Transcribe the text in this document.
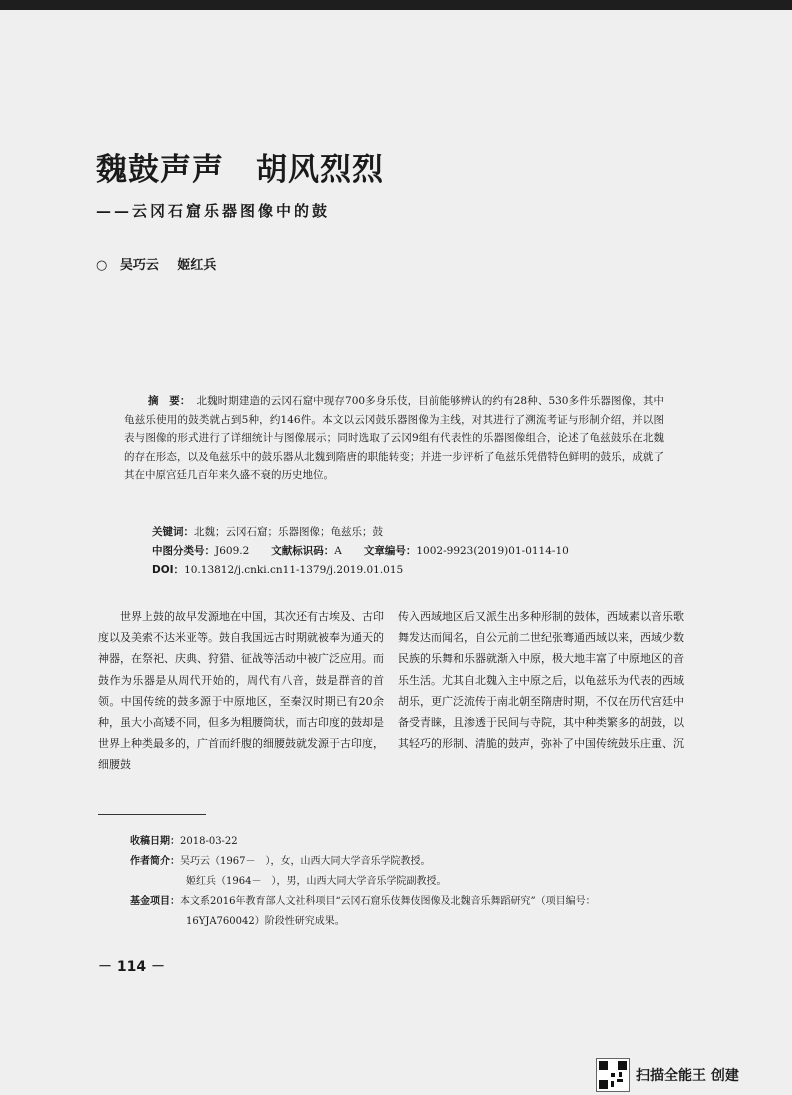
魏鼓声声　胡风烈烈
——云冈石窟乐器图像中的鼓
○ 吴巧云 姬红兵
摘　要： 北魏时期建造的云冈石窟中现存700多身乐伎，目前能够辨认的约有28种、530多件乐器图像，其中龟兹乐使用的鼓类就占到5种，约146件。本文以云冈鼓乐器图像为主线，对其进行了溯流考证与形制介绍，并以图表与图像的形式进行了详细统计与图像展示；同时选取了云冈9组有代表性的乐器图像组合，论述了龟兹鼓乐在北魏的存在形态，以及龟兹乐中的鼓乐器从北魏到隋唐的职能转变；并进一步评析了龟兹乐凭借特色鲜明的鼓乐，成就了其在中原宫廷几百年来久盛不衰的历史地位。
关键词：北魏；云冈石窟；乐器图像；龟兹乐；鼓
中图分类号：J609.2 文献标识码：A 文章编号：1002-9923(2019)01-0114-10
DOI：10.13812/j.cnki.cn11-1379/j.2019.01.015
世界上鼓的故早发源地在中国，其次还有古埃及、古印度以及美索不达米亚等。鼓自我国远古时期就被奉为通天的神器，在祭祀、庆典、狩猎、征战等活动中被广泛应用。而鼓作为乐器是从周代开始的，周代有八音，鼓是群音的首领。中国传统的鼓多源于中原地区，至秦汉时期已有20余种，虽大小高矮不同，但多为粗腰筒状，而古印度的鼓却是世界上种类最多的，广首而纤腹的细腰鼓就发源于古印度，细腰鼓
传入西域地区后又派生出多种形制的鼓体，西域素以音乐歌舞发达而闻名，自公元前二世纪张骞通西域以来，西域少数民族的乐舞和乐器就渐入中原，极大地丰富了中原地区的音乐生活。尤其自北魏入主中原之后，以龟兹乐为代表的西域胡乐，更广泛流传于南北朝至隋唐时期，不仅在历代宫廷中备受青睐，且渗透于民间与寺院，其中种类繁多的胡鼓，以其轻巧的形制、清脆的鼓声，弥补了中国传统鼓乐庄重、沉
收稿日期：2018-03-22
作者简介：吴巧云（1967－　），女，山西大同大学音乐学院教授。
姬红兵（1964－　），男，山西大同大学音乐学院副教授。
基金项目：本文系2016年教育部人文社科项目“云冈石窟乐伎舞伎图像及北魏音乐舞蹈研究”（项目编号：
16YJA760042）阶段性研究成果。
－ 114 －
扫描全能王 创建
